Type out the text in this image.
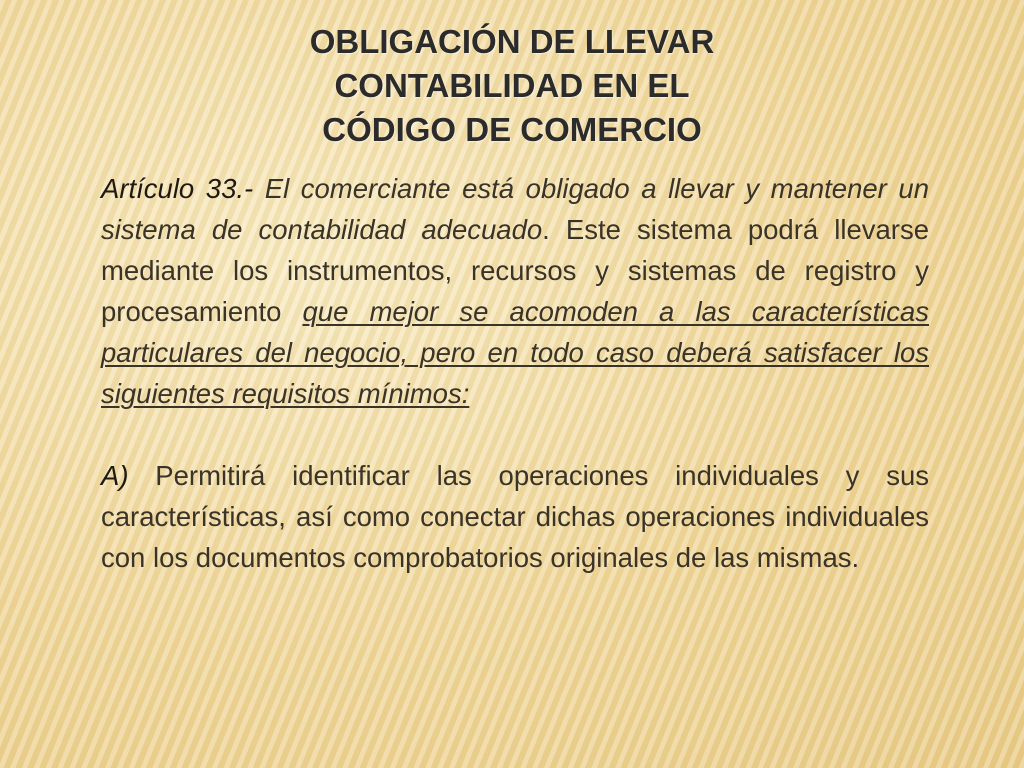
OBLIGACIÓN DE LLEVAR
CONTABILIDAD EN EL
CÓDIGO DE COMERCIO

Artículo 33.- El comerciante está obligado a llevar y mantener un sistema de contabilidad adecuado. Este sistema podrá llevarse mediante los instrumentos, recursos y sistemas de registro y procesamiento que mejor se acomoden a las características particulares del negocio, pero en todo caso deberá satisfacer los siguientes requisitos mínimos:

A) Permitirá identificar las operaciones individuales y sus características, así como conectar dichas operaciones individuales con los documentos comprobatorios originales de las mismas.
